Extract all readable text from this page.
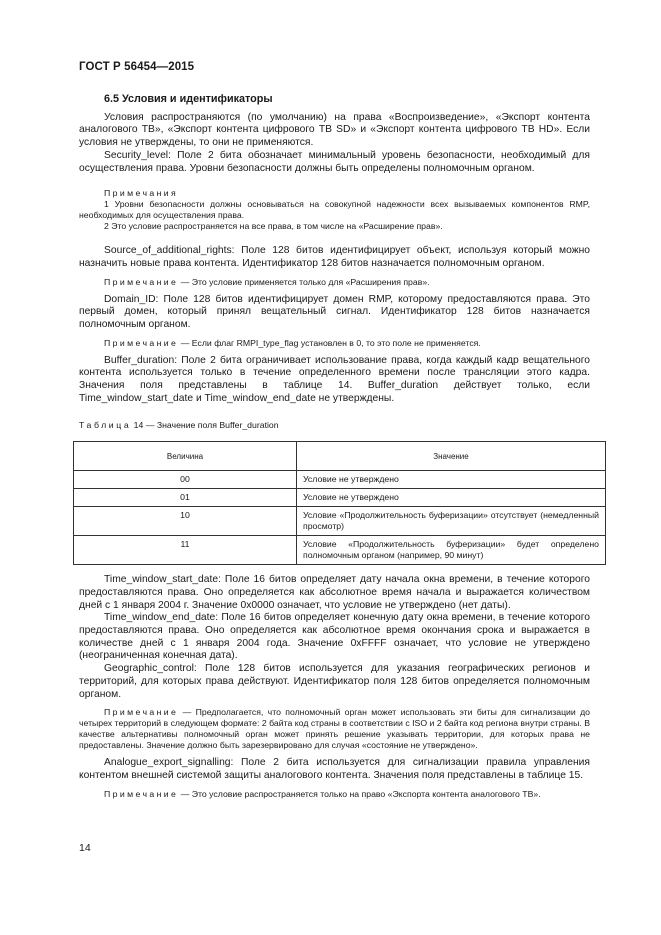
ГОСТ Р 56454—2015
6.5 Условия и идентификаторы

Условия распространяются (по умолчанию) на права «Воспроизведение», «Экспорт контента аналогового ТВ», «Экспорт контента цифрового ТВ SD» и «Экспорт контента цифрового ТВ HD». Если условия не утверждены, то они не применяются.

Security_level: Поле 2 бита обозначает минимальный уровень безопасности, необходимый для осуществления права. Уровни безопасности должны быть определены полномочным органом.

Примечания

1 Уровни безопасности должны основываться на совокупной надежности всех вызываемых компонентов RMP, необходимых для осуществления права.

2 Это условие распространяется на все права, в том числе на «Расширение прав».

Source_of_additional_rights: Поле 128 битов идентифицирует объект, используя который можно назначить новые права контента. Идентификатор 128 битов назначается полномочным органом.

Примечание — Это условие применяется только для «Расширения прав».

Domain_ID: Поле 128 битов идентифицирует домен RMP, которому предоставляются права. Это первый домен, который принял вещательный сигнал. Идентификатор 128 битов назначается полномочным органом.

Примечание — Если флаг RMPI_type_flag установлен в 0, то это поле не применяется.

Buffer_duration: Поле 2 бита ограничивает использование права, когда каждый кадр вещательного контента используется только в течение определенного времени после трансляции этого кадра. Значения поля представлены в таблице 14. Buffer_duration действует только, если Time_window_start_date и Time_window_end_date не утверждены.

Таблица 14 — Значение поля Buffer_duration
Величина	Значение
00	Условие не утверждено
01	Условие не утверждено
10	Условие «Продолжительность буферизации» отсутствует (немедленный просмотр)
11	Условие «Продолжительность буферизации» будет определено полномочным органом (например, 90 минут)

Time_window_start_date: Поле 16 битов определяет дату начала окна времени, в течение которого предоставляются права. Оно определяется как абсолютное время начала и выражается количеством дней с 1 января 2004 г. Значение 0x0000 означает, что условие не утверждено (нет даты).

Time_window_end_date: Поле 16 битов определяет конечную дату окна времени, в течение которого предоставляются права. Оно определяется как абсолютное время окончания срока и выражается в количестве дней с 1 января 2004 года. Значение 0xFFFF означает, что условие не утверждено (неограниченная конечная дата).

Geographic_control: Поле 128 битов используется для указания географических регионов и территорий, для которых права действуют. Идентификатор поля 128 битов определяется полномочным органом.

Примечание — Предполагается, что полномочный орган может использовать эти биты для сигнализации до четырех территорий в следующем формате: 2 байта код страны в соответствии с ISO и 2 байта код региона внутри страны. В качестве альтернативы полномочный орган может принять решение указывать территории, для которых права не предоставлены. Значение должно быть зарезервировано для случая «состояние не утверждено».

Analogue_export_signalling: Поле 2 бита используется для сигнализации правила управления контентом внешней системой защиты аналогового контента. Значения поля представлены в таблице 15.

Примечание — Это условие распространяется только на право «Экспорта контента аналогового ТВ».

14
